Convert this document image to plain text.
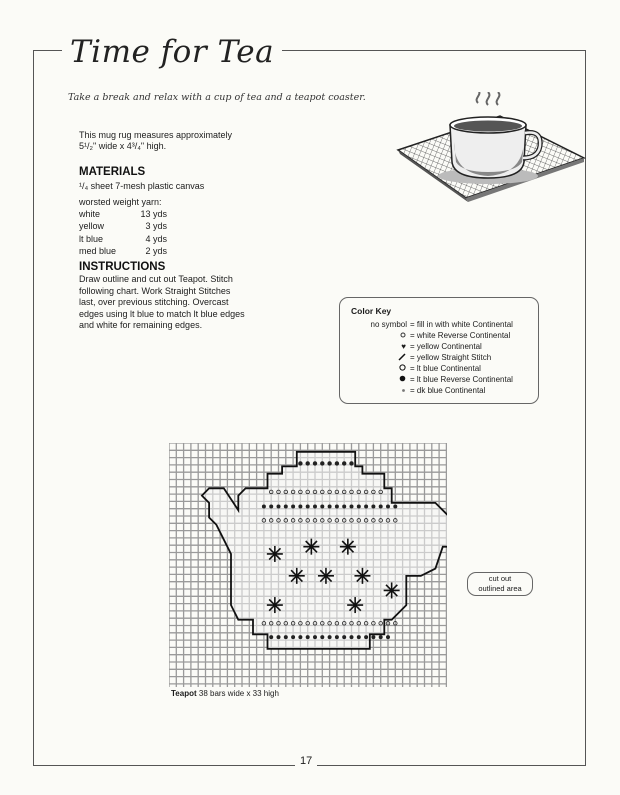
Time for Tea
Take a break and relax with a cup of tea and a teapot coaster.
This mug rug measures approximately
5¹/₂" wide x 4³/₄" high.
MATERIALS
¹/₄ sheet 7-mesh plastic canvas
worsted weight yarn:
white	13 yds
yellow	3 yds
lt blue	4 yds
med blue	2 yds
INSTRUCTIONS
Draw outline and cut out Teapot. Stitch
following chart. Work Straight Stitches
last, over previous stitching. Overcast
edges using lt blue to match lt blue edges
and white for remaining edges.
Color Key
no symbol = fill in with white Continental
= white Reverse Continental
♥ = yellow Continental
= yellow Straight Stitch
= lt blue Continental
= lt blue Reverse Continental
= dk blue Continental
cut out
outlined area
Teapot 38 bars wide x 33 high
17
